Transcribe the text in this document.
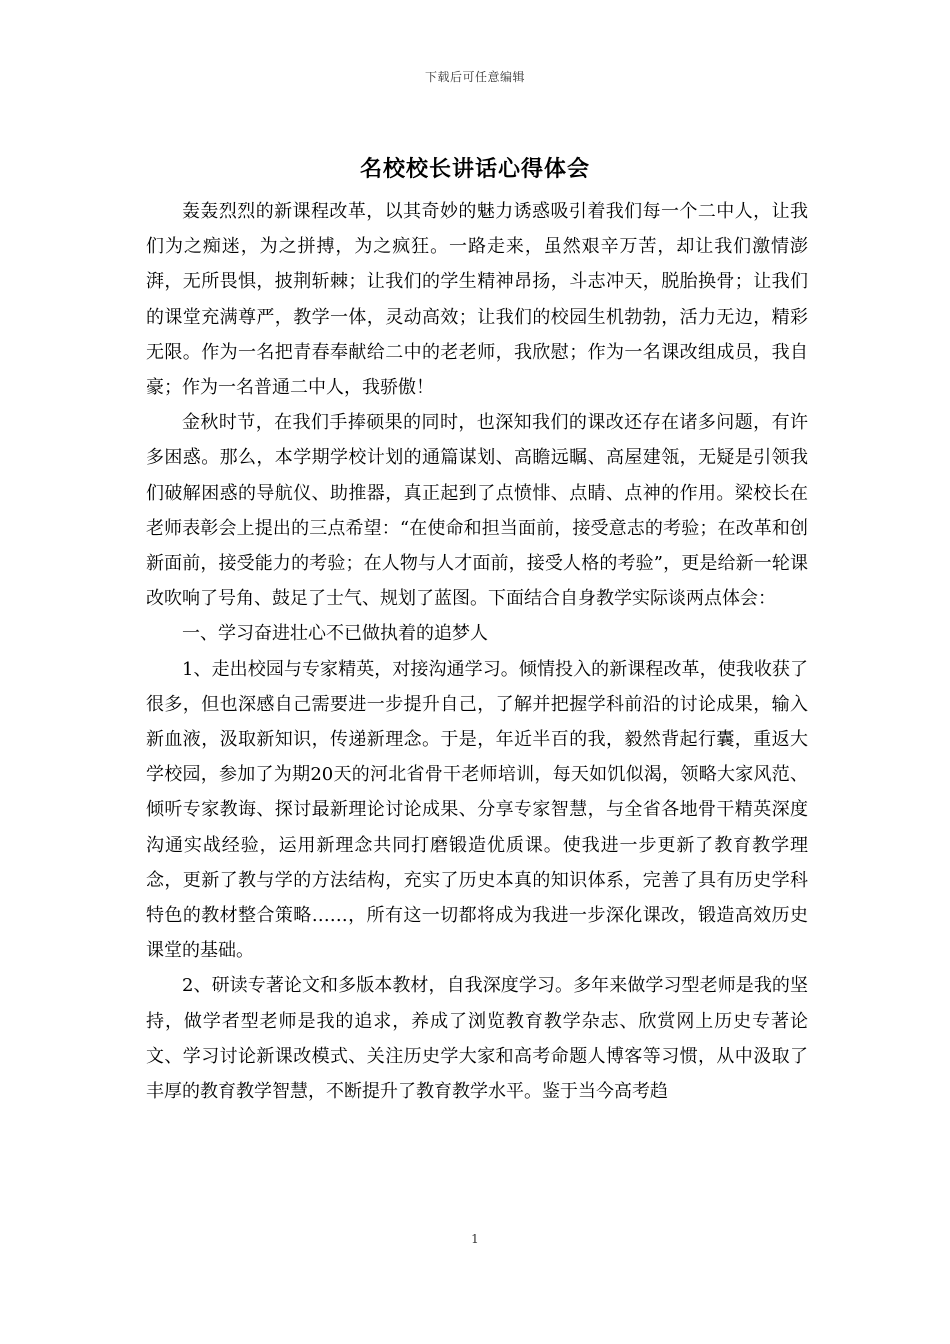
下载后可任意编辑
名校校长讲话心得体会

轰轰烈烈的新课程改革，以其奇妙的魅力诱惑吸引着我们每一个二中人，让我们为之痴迷，为之拼搏，为之疯狂。一路走来，虽然艰辛万苦，却让我们激情澎湃，无所畏惧，披荆斩棘；让我们的学生精神昂扬，斗志冲天，脱胎换骨；让我们的课堂充满尊严，教学一体，灵动高效；让我们的校园生机勃勃，活力无边，精彩无限。作为一名把青春奉献给二中的老老师，我欣慰；作为一名课改组成员，我自豪；作为一名普通二中人，我骄傲！

金秋时节，在我们手捧硕果的同时，也深知我们的课改还存在诸多问题，有许多困惑。那么，本学期学校计划的通篇谋划、高瞻远瞩、高屋建瓴，无疑是引领我们破解困惑的导航仪、助推器，真正起到了点愤悱、点睛、点神的作用。梁校长在老师表彰会上提出的三点希望：“在使命和担当面前，接受意志的考验；在改革和创新面前，接受能力的考验；在人物与人才面前，接受人格的考验”，更是给新一轮课改吹响了号角、鼓足了士气、规划了蓝图。下面结合自身教学实际谈两点体会：

一、学习奋进壮心不已做执着的追梦人

1、走出校园与专家精英，对接沟通学习。倾情投入的新课程改革，使我收获了很多，但也深感自己需要进一步提升自己，了解并把握学科前沿的讨论成果，输入新血液，汲取新知识，传递新理念。于是，年近半百的我，毅然背起行囊，重返大学校园，参加了为期20天的河北省骨干老师培训，每天如饥似渴，领略大家风范、倾听专家教诲、探讨最新理论讨论成果、分享专家智慧，与全省各地骨干精英深度沟通实战经验，运用新理念共同打磨锻造优质课。使我进一步更新了教育教学理念，更新了教与学的方法结构，充实了历史本真的知识体系，完善了具有历史学科特色的教材整合策略……，所有这一切都将成为我进一步深化课改，锻造高效历史课堂的基础。

2、研读专著论文和多版本教材，自我深度学习。多年来做学习型老师是我的坚持，做学者型老师是我的追求，养成了浏览教育教学杂志、欣赏网上历史专著论文、学习讨论新课改模式、关注历史学大家和高考命题人博客等习惯，从中汲取了丰厚的教育教学智慧，不断提升了教育教学水平。鉴于当今高考趋

1
